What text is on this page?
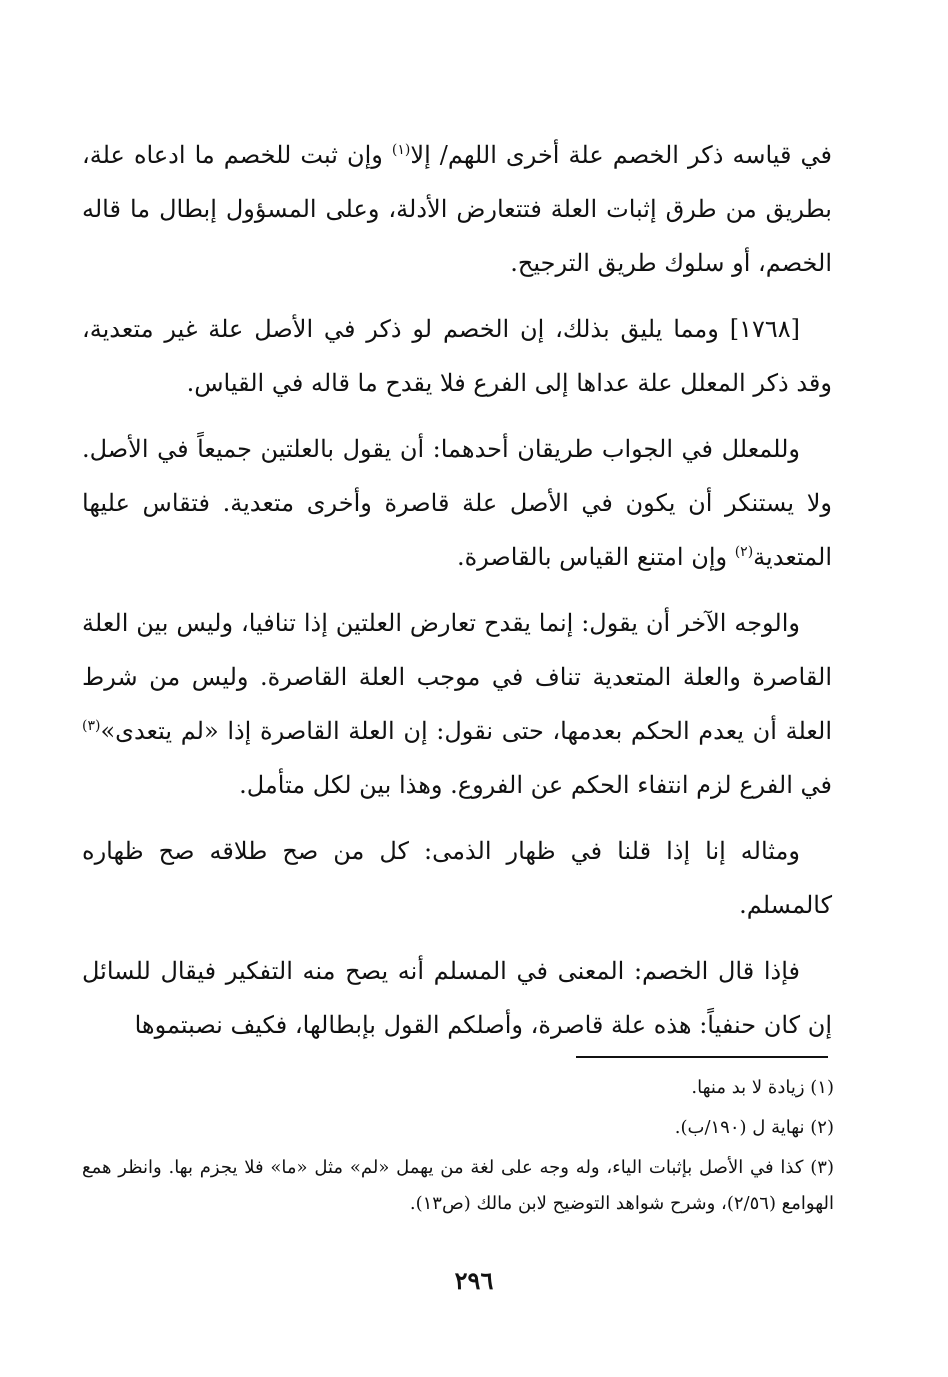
في قياسه ذكر الخصم علة أخرى اللهم/ إلا$^{(١)}$ وإن ثبت للخصم ما ادعاه علة، بطريق من طرق إثبات العلة فتتعارض الأدلة، وعلى المسؤول إبطال ما قاله الخصم، أو سلوك طريق الترجيح.

[١٧٦٨] ومما يليق بذلك، إن الخصم لو ذكر في الأصل علة غير متعدية، وقد ذكر المعلل علة عداها إلى الفرع فلا يقدح ما قاله في القياس.

وللمعلل في الجواب طريقان أحدهما: أن يقول بالعلتين جميعاً في الأصل. ولا يستنكر أن يكون في الأصل علة قاصرة وأخرى متعدية. فتقاس عليها المتعدية$^{(٢)}$ وإن امتنع القياس بالقاصرة.

والوجه الآخر أن يقول: إنما يقدح تعارض العلتين إذا تنافيا، وليس بين العلة القاصرة والعلة المتعدية تناف في موجب العلة القاصرة. وليس من شرط العلة أن يعدم الحكم بعدمها، حتى نقول: إن العلة القاصرة إذا «لم يتعدى»$^{(٣)}$ في الفرع لزم انتفاء الحكم عن الفروع. وهذا بين لكل متأمل.

ومثاله إنا إذا قلنا في ظهار الذمى: كل من صح طلاقه صح ظهاره كالمسلم.

فإذا قال الخصم: المعنى في المسلم أنه يصح منه التفكير فيقال للسائل إن كان حنفياً: هذه علة قاصرة، وأصلكم القول بإبطالها، فكيف نصبتموها

(١) زيادة لا بد منها.
(٢) نهاية ل (١٩٠/ب).
(٣) كذا في الأصل بإثبات الياء، وله وجه على لغة من يهمل «لم» مثل «ما» فلا يجزم بها. وانظر همع الهوامع (٢/٥٦)، وشرح شواهد التوضيح لابن مالك (ص١٣).
٢٩٦
